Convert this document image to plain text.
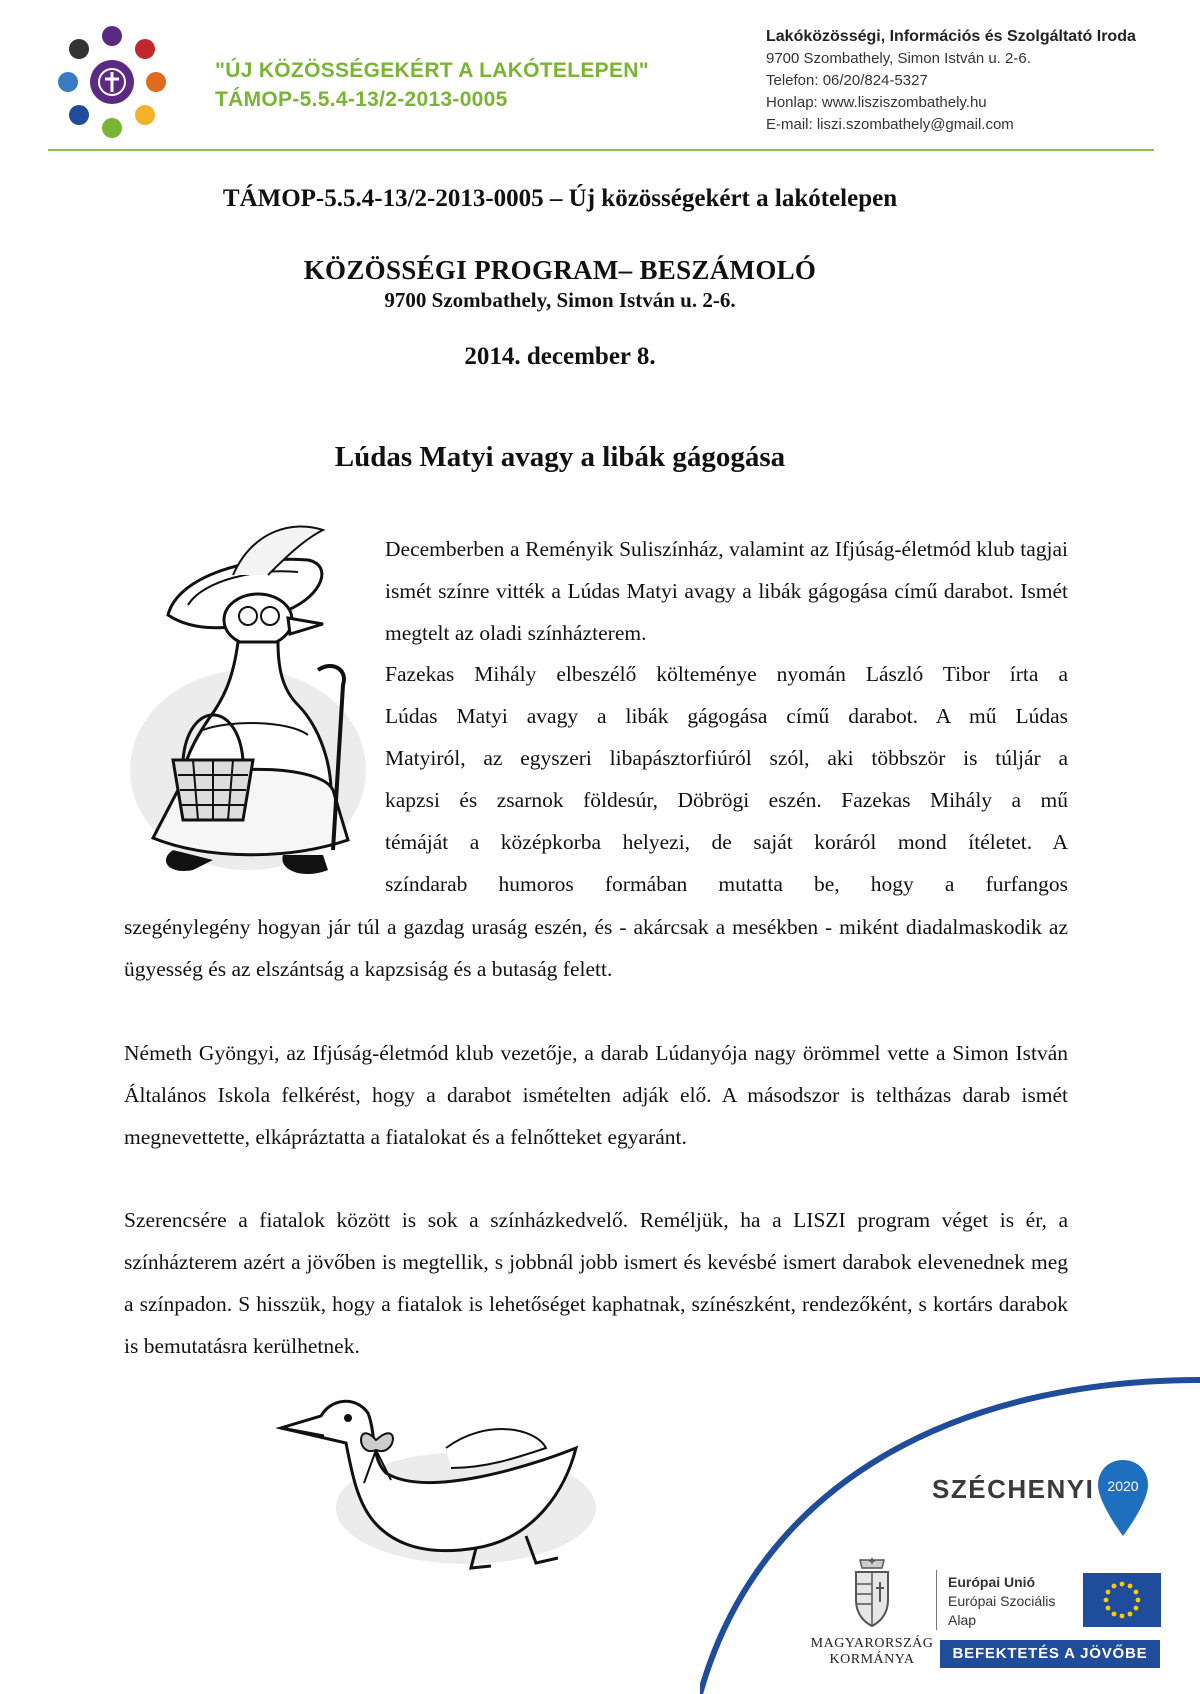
"ÚJ KÖZÖSSÉGEKÉRT A LAKÓTELEPEN"
TÁMOP-5.5.4-13/2-2013-0005
Lakóközösségi, Információs és Szolgáltató Iroda
9700 Szombathely, Simon István u. 2-6.
Telefon: 06/20/824-5327
Honlap: www.liszi​szombathely.hu
E-mail: liszi.szombathely@gmail.com
TÁMOP-5.5.4-13/2-2013-0005 – Új közösségekért a lakótelepen
KÖZÖSSÉGI PROGRAM– BESZÁMOLÓ
9700 Szombathely, Simon István u. 2-6.
2014. december 8.
Lúdas Matyi avagy a libák gágogása

Decemberben a Reményik Suliszínház, valamint az Ifjúság-életmód klub tagjai ismét színre vitték a Lúdas Matyi avagy a libák gágogása című darabot. Ismét megtelt az oladi színházterem.

Fazekas Mihály elbeszélő költeménye nyomán László Tibor írta a

Lúdas Matyi avagy a libák gágogása című darabot. A mű Lúdas

Matyiról, az egyszeri libapásztorfiúról szól, aki többször is túljár a

kapzsi és zsarnok földesúr, Döbrögi eszén. Fazekas Mihály a mű

témáját a középkorba helyezi, de saját koráról mond ítéletet. A

színdarab humoros formában mutatta be, hogy a furfangos

szegénylegény hogyan jár túl a gazdag uraság eszén, és - akárcsak a mesékben - miként diadalmaskodik az ügyesség és az elszántság a kapzsiság és a butaság felett.

Németh Gyöngyi, az Ifjúság-életmód klub vezetője, a darab Lúdanyója nagy örömmel vette a Simon István Általános Iskola felkérést, hogy a darabot ismételten adják elő. A másodszor is teltházas darab ismét megnevettette, elkápráztatta a fiatalokat és a felnőtteket egyaránt.

Szerencsére a fiatalok között is sok a színházkedvelő. Reméljük, ha a LISZI program véget is ér, a színházterem azért a jövőben is megtellik, s jobbnál jobb ismert és kevésbé ismert darabok elevenednek meg a színpadon. S hisszük, hogy a fiatalok is lehetőséget kaphatnak, színészként, rendezőként, s kortárs darabok is bemutatásra kerülhetnek.

SZÉCHENYI 2020
MAGYARORSZÁG
KORMÁNYA
Európai Unió
Európai Szociális
Alap
BEFEKTETÉS A JÖVŐBE
